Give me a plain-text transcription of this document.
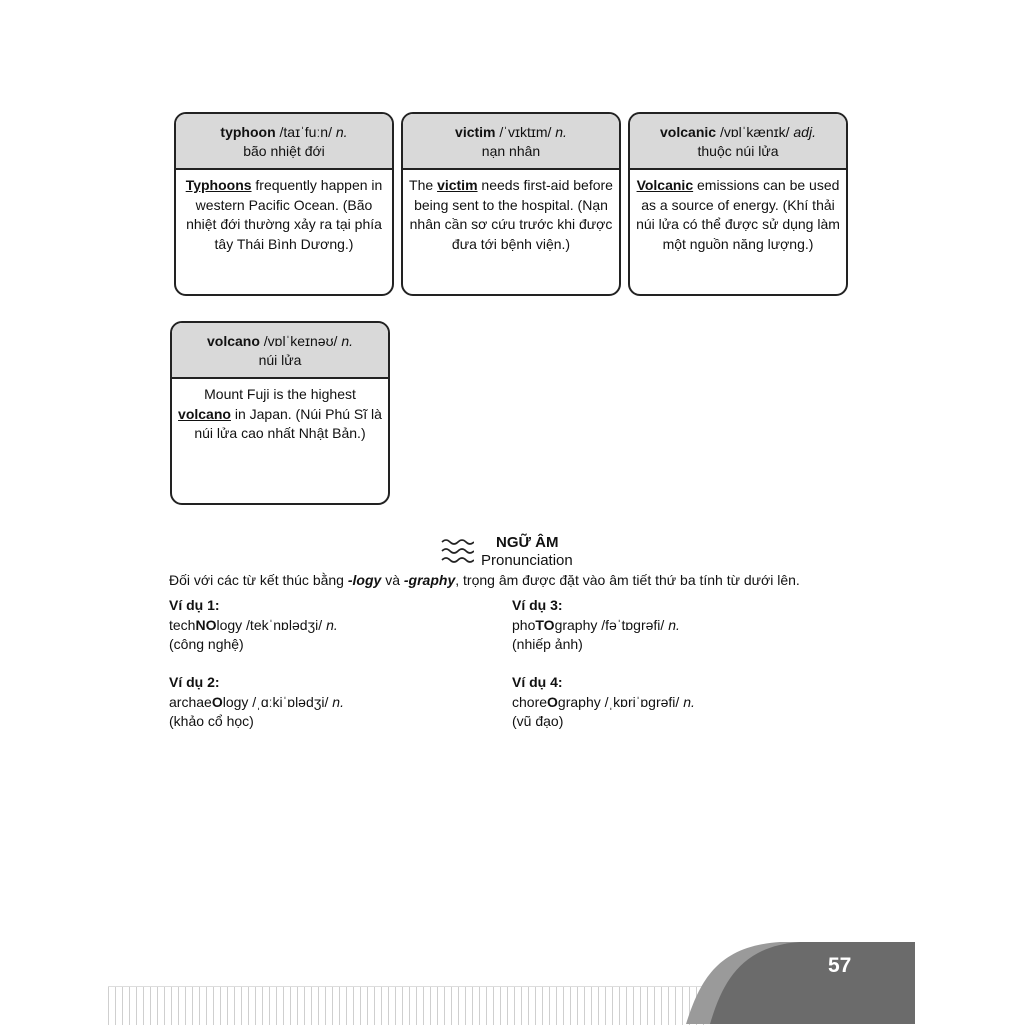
typhoon /taɪˈfuːn/ n.
bão nhiệt đới
Typhoons frequently happen in western Pacific Ocean. (Bão nhiệt đới thường xảy ra tại phía tây Thái Bình Dương.)
victim /ˈvɪktɪm/ n.
nạn nhân
The victim needs first-aid before being sent to the hospital. (Nạn nhân cần sơ cứu trước khi được đưa tới bệnh viện.)
volcanic /vɒlˈkænɪk/ adj.
thuộc núi lửa
Volcanic emissions can be used as a source of energy. (Khí thải núi lửa có thể được sử dụng làm một nguồn năng lượng.)
volcano /vɒlˈkeɪnəʊ/ n.
núi lửa
Mount Fuji is the highest volcano in Japan. (Núi Phú Sĩ là núi lửa cao nhất Nhật Bản.)
NGỮ ÂM
Pronunciation
Đối với các từ kết thúc bằng -logy và -graphy, trọng âm được đặt vào âm tiết thứ ba tính từ dưới lên.
Ví dụ 1:
techNOlogy /tekˈnɒlədʒi/ n.
(công nghệ)
Ví dụ 2:
archaeOlogy /ˌɑːkiˈɒlədʒi/ n.
(khảo cổ học)
Ví dụ 3:
phoTOgraphy /fəˈtɒɡrəfi/ n.
(nhiếp ảnh)
Ví dụ 4:
choreOgraphy /ˌkɒriˈɒɡrəfi/ n.
(vũ đạo)
57
